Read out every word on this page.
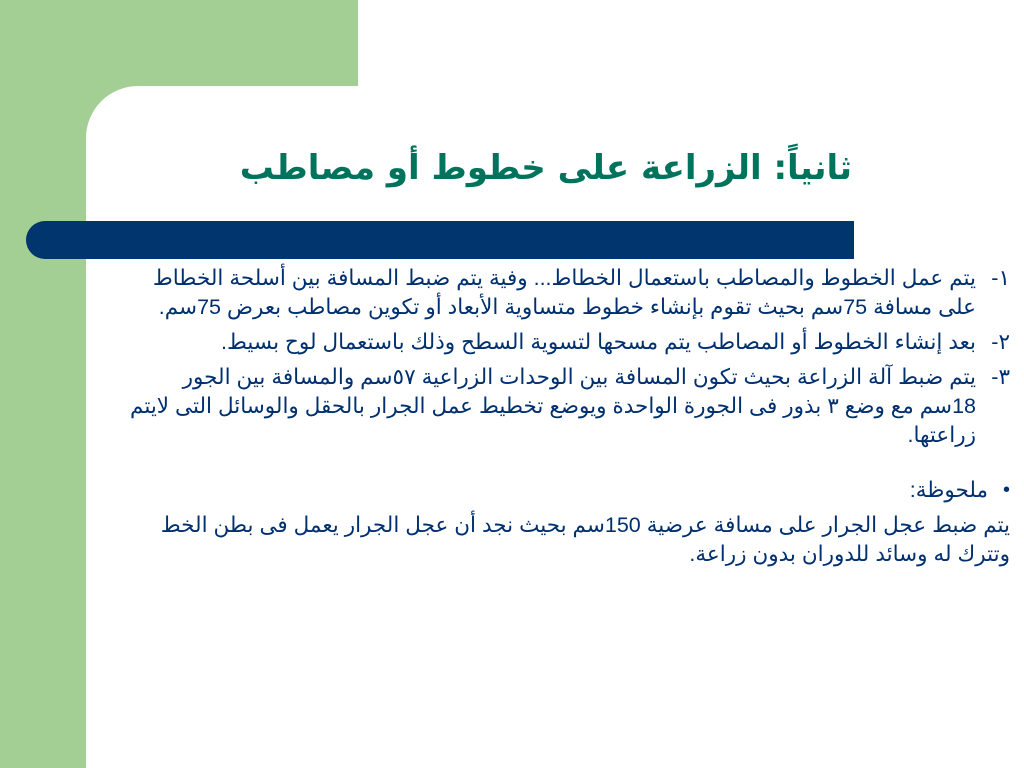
ثانياً: الزراعة على خطوط أو مصاطب
١-
يتم عمل الخطوط والمصاطب باستعمال الخطاط... وفية يتم ضبط المسافة بين أسلحة الخطاط على مسافة 75سم بحيث تقوم بإنشاء خطوط متساوية الأبعاد أو تكوين مصاطب بعرض 75سم.
٢-
بعد إنشاء الخطوط أو المصاطب يتم مسحها لتسوية السطح وذلك باستعمال لوح بسيط.
٣-
يتم ضبط آلة الزراعة بحيث تكون المسافة بين الوحدات الزراعية ٥٧سم والمسافة بين الجور 18سم مع وضع ٣ بذور فى الجورة الواحدة ويوضع تخطيط عمل الجرار بالحقل والوسائل التى لايتم زراعتها.
•
ملحوظة:
يتم ضبط عجل الجرار على مسافة عرضية 150سم بحيث نجد أن عجل الجرار يعمل فى بطن الخط وتترك له وسائد للدوران بدون زراعة.
